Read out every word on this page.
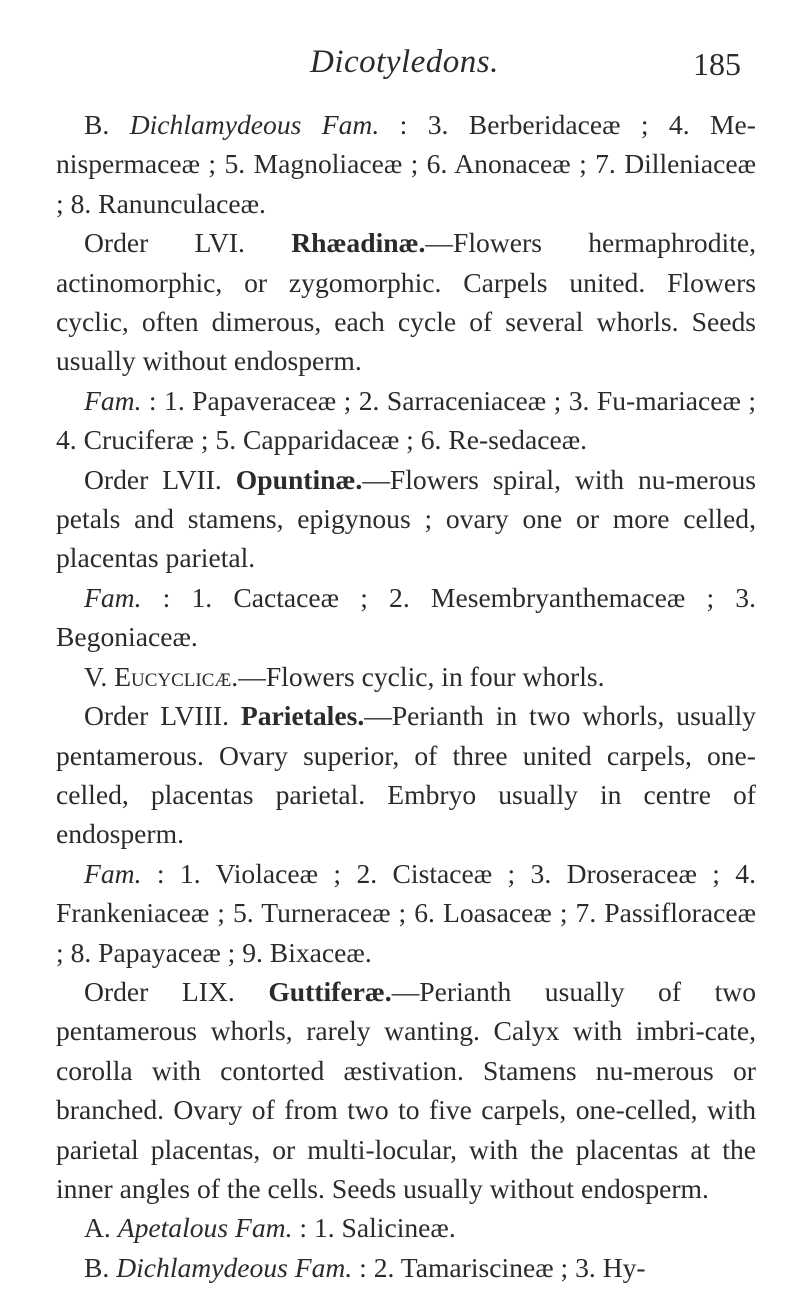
Dicotyledons.	185

B. Dichlamydeous Fam. : 3. Berberidaceæ ; 4. Me-nispermaceæ ; 5. Magnoliaceæ ; 6. Anonaceæ ; 7. Dilleniaceæ ; 8. Ranunculaceæ.

Order LVI. Rhæadinæ.—Flowers hermaphrodite, actinomorphic, or zygomorphic. Carpels united. Flowers cyclic, often dimerous, each cycle of several whorls. Seeds usually without endosperm.

Fam. : 1. Papaveraceæ ; 2. Sarraceniaceæ ; 3. Fu-mariaceæ ; 4. Cruciferæ ; 5. Capparidaceæ ; 6. Re-sedaceæ.

Order LVII. Opuntinæ.—Flowers spiral, with nu-merous petals and stamens, epigynous ; ovary one or more celled, placentas parietal.

Fam. : 1. Cactaceæ ; 2. Mesembryanthemaceæ ; 3. Begoniaceæ.

V. Eucyclicæ.—Flowers cyclic, in four whorls.

Order LVIII. Parietales.—Perianth in two whorls, usually pentamerous. Ovary superior, of three united carpels, one-celled, placentas parietal. Embryo usually in centre of endosperm.

Fam. : 1. Violaceæ ; 2. Cistaceæ ; 3. Droseraceæ ; 4. Frankeniaceæ ; 5. Turneraceæ ; 6. Loasaceæ ; 7. Passifloraceæ ; 8. Papayaceæ ; 9. Bixaceæ.

Order LIX. Guttiferæ.—Perianth usually of two pentamerous whorls, rarely wanting. Calyx with imbri-cate, corolla with contorted æstivation. Stamens nu-merous or branched. Ovary of from two to five carpels, one-celled, with parietal placentas, or multi-locular, with the placentas at the inner angles of the cells. Seeds usually without endosperm.

A. Apetalous Fam. : 1. Salicineæ.

B. Dichlamydeous Fam. : 2. Tamariscineæ ; 3. Hy-
